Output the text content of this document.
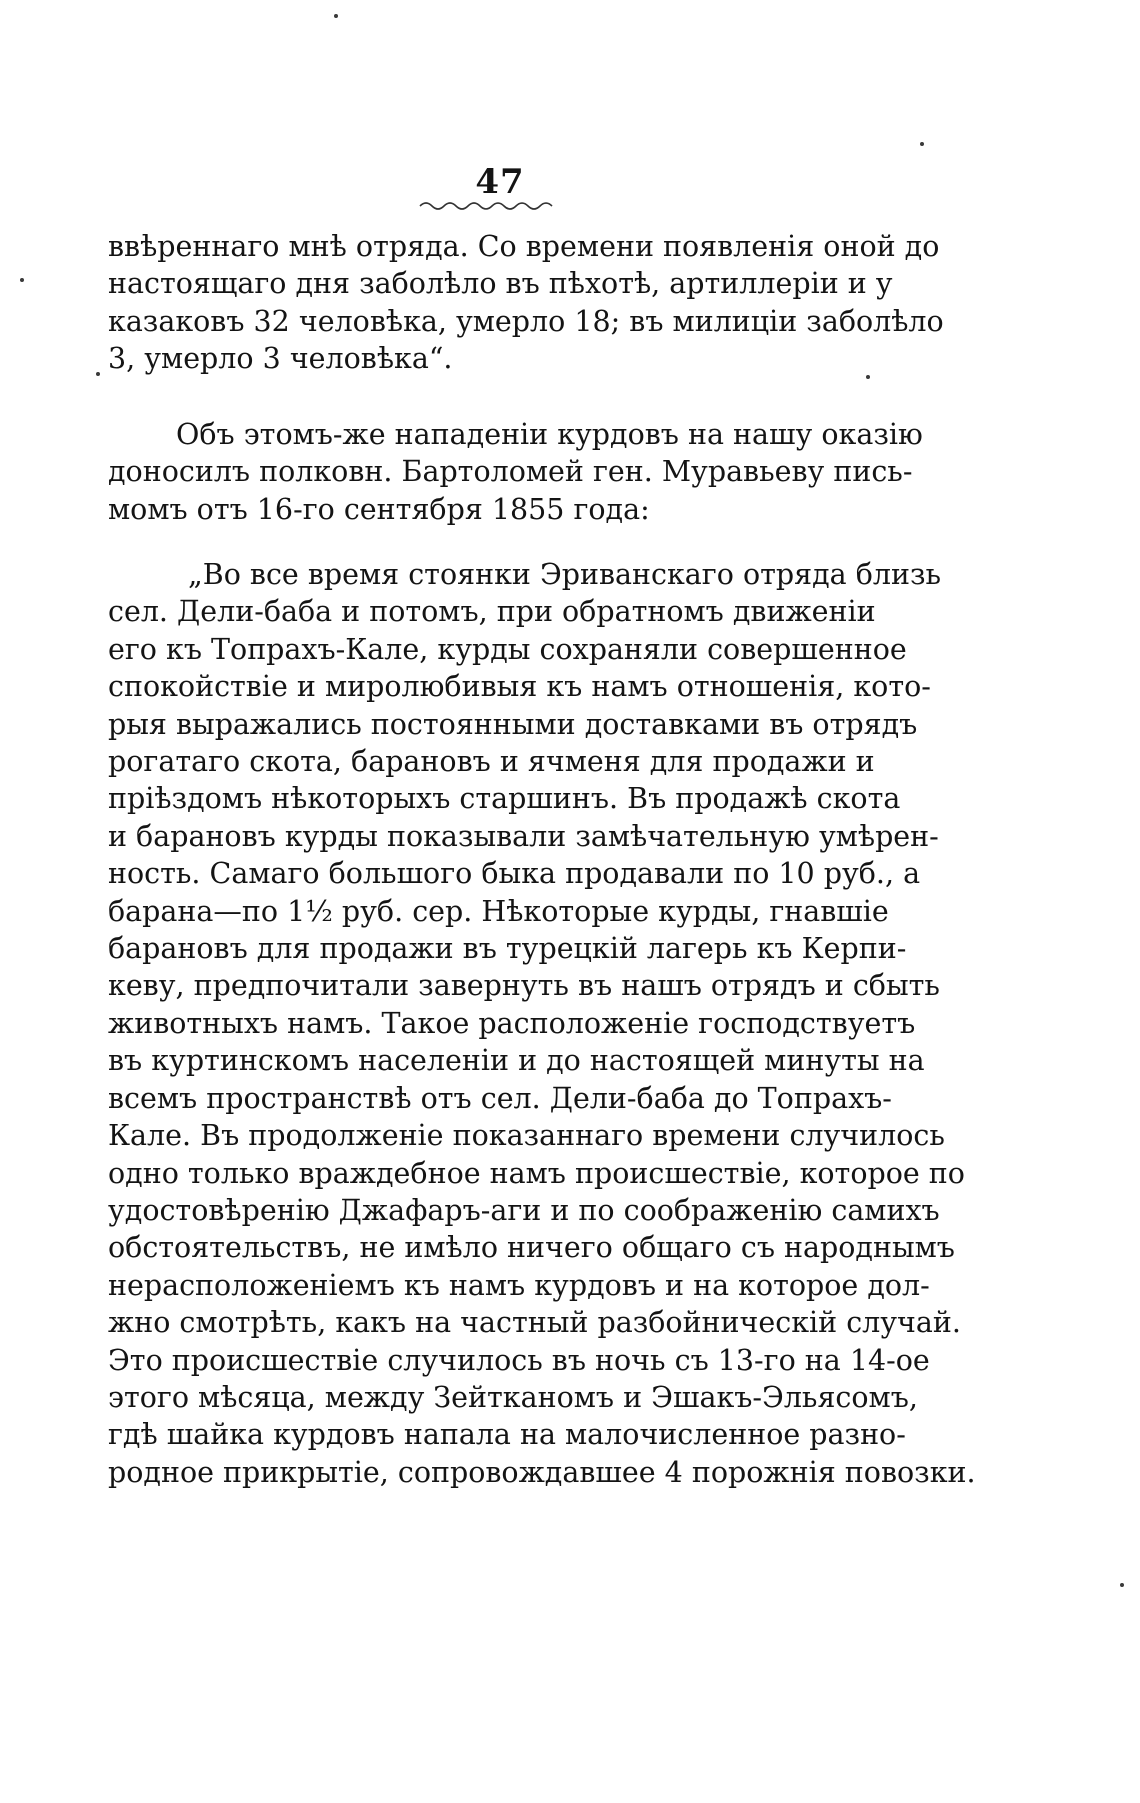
47
ввѣреннаго мнѣ отряда. Со времени появленія оной до
настоящаго дня заболѣло въ пѣхотѣ, артиллеріи и у
казаковъ 32 человѣка, умерло 18; въ милиціи заболѣло
3, умерло 3 человѣка“.
Объ этомъ-же нападеніи курдовъ на нашу оказію
доносилъ полковн. Бартоломей ген. Муравьеву пись-
момъ отъ 16-го сентября 1855 года:
„Во все время стоянки Эриванскаго отряда близь
сел. Дели-баба и потомъ, при обратномъ движеніи
его къ Топрахъ-Кале, курды сохраняли совершенное
спокойствіе и миролюбивыя къ намъ отношенія, кото-
рыя выражались постоянными доставками въ отрядъ
рогатаго скота, барановъ и ячменя для продажи и
пріѣздомъ нѣкоторыхъ старшинъ. Въ продажѣ скота
и барановъ курды показывали замѣчательную умѣрен-
ность. Самаго большого быка продавали по 10 руб., а
барана—по 1½ руб. сер. Нѣкоторые курды, гнавшіе
барановъ для продажи въ турецкій лагерь къ Керпи-
кеву, предпочитали завернуть въ нашъ отрядъ и сбыть
животныхъ намъ. Такое расположеніе господствуетъ
въ куртинскомъ населеніи и до настоящей минуты на
всемъ пространствѣ отъ сел. Дели-баба до Топрахъ-
Кале. Въ продолженіе показаннаго времени случилось
одно только враждебное намъ происшествіе, которое по
удостовѣренію Джафаръ-аги и по соображенію самихъ
обстоятельствъ, не имѣло ничего общаго съ народнымъ
нерасположеніемъ къ намъ курдовъ и на которое дол-
жно смотрѣть, какъ на частный разбойническій случай.
Это происшествіе случилось въ ночь съ 13-го на 14-ое
этого мѣсяца, между Зейтканомъ и Эшакъ-Эльясомъ,
гдѣ шайка курдовъ напала на малочисленное разно-
родное прикрытіе, сопровождавшее 4 порожнія повозки.
